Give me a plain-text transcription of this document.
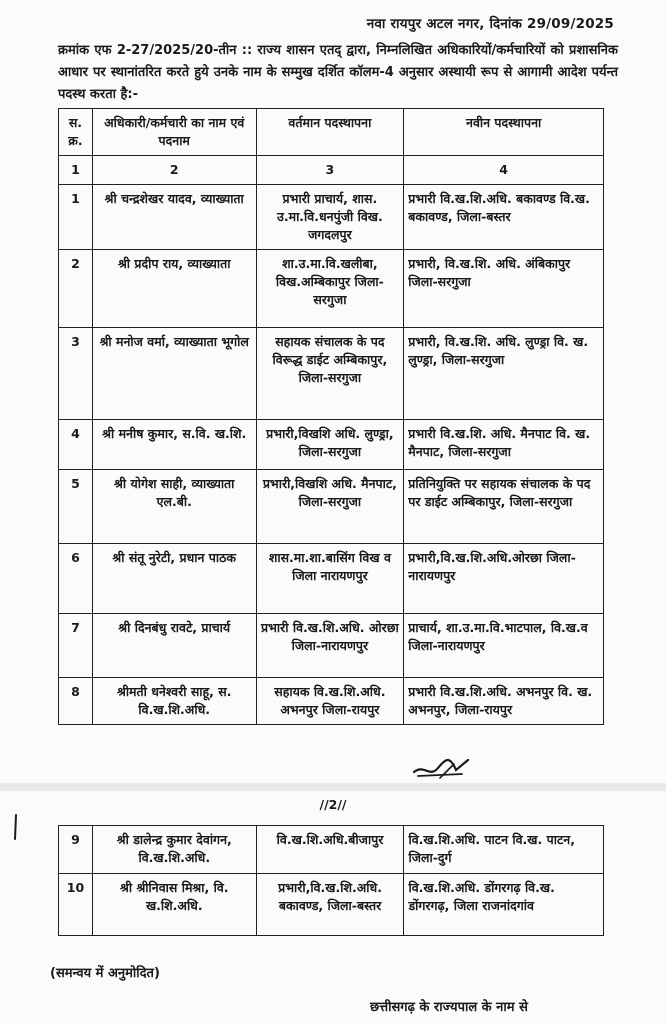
नवा रायपुर अटल नगर, दिनांक 29/09/2025
क्रमांक एफ 2-27/2025/20-तीन :: राज्य शासन एतद् द्वारा, निम्नलिखित अधिकारियों/कर्मचारियों को प्रशासनिक आधार पर स्थानांतरित करते हुये उनके नाम के सम्मुख दर्शित कॉलम-4 अनुसार अस्थायी रूप से आगामी आदेश पर्यन्त पदस्थ करता है:-
स. क्र.	अधिकारी/कर्मचारी का नाम एवं पदनाम	वर्तमान पदस्थापना	नवीन पदस्थापना
1	2	3	4
1	श्री चन्द्रशेखर यादव, व्याख्याता	प्रभारी प्राचार्य, शास. उ.मा.वि.धनपुंजी विख. जगदलपुर	प्रभारी वि.ख.शि.अधि. बकावण्ड वि.ख. बकावण्ड, जिला-बस्तर
2	श्री प्रदीप राय, व्याख्याता	शा.उ.मा.वि.खलीबा, विख.अम्बिकापुर जिला-सरगुजा	प्रभारी, वि.ख.शि. अधि. अंबिकापुर जिला-सरगुजा
3	श्री मनोज वर्मा, व्याख्याता भूगोल	सहायक संचालक के पद विरूद्ध डाईट अम्बिकापुर, जिला-सरगुजा	प्रभारी, वि.ख.शि. अधि. लुण्ड्रा वि. ख. लुण्ड्रा, जिला-सरगुजा
4	श्री मनीष कुमार, स.वि. ख.शि.	प्रभारी,विखशि अधि. लुण्ड्रा, जिला-सरगुजा	प्रभारी वि.ख.शि. अधि. मैनपाट वि. ख. मैनपाट, जिला-सरगुजा
5	श्री योगेश साही, व्याख्याता एल.बी.	प्रभारी,विखशि अधि. मैनपाट, जिला-सरगुजा	प्रतिनियुक्ति पर सहायक संचालक के पद पर डाईट अम्बिकापुर, जिला-सरगुजा
6	श्री संतू नुरेटी, प्रधान पाठक	शास.मा.शा.बासिंग विख व जिला नारायणपुर	प्रभारी,वि.ख.शि.अधि.ओरछा जिला-नारायणपुर
7	श्री दिनबंधु रावटे, प्राचार्य	प्रभारी वि.ख.शि.अधि. ओरछा जिला-नारायणपुर	प्राचार्य, शा.उ.मा.वि.भाटपाल, वि.ख.व जिला-नारायणपुर
8	श्रीमती धनेश्वरी साहू, स. वि.ख.शि.अधि.	सहायक वि.ख.शि.अधि. अभनपुर जिला-रायपुर	प्रभारी वि.ख.शि.अधि. अभनपुर वि. ख. अभनपुर, जिला-रायपुर
//2//
9	श्री डालेन्द्र कुमार देवांगन, वि.ख.शि.अधि.	वि.ख.शि.अधि.बीजापुर	वि.ख.शि.अधि. पाटन वि.ख. पाटन, जिला-दुर्ग
10	श्री श्रीनिवास मिश्रा, वि. ख.शि.अधि.	प्रभारी,वि.ख.शि.अधि. बकावण्ड, जिला-बस्तर	वि.ख.शि.अधि. डोंगरगढ़ वि.ख. डोंगरगढ़, जिला राजनांदगांव
(समन्वय में अनुमोदित)
छत्तीसगढ़ के राज्यपाल के नाम से
